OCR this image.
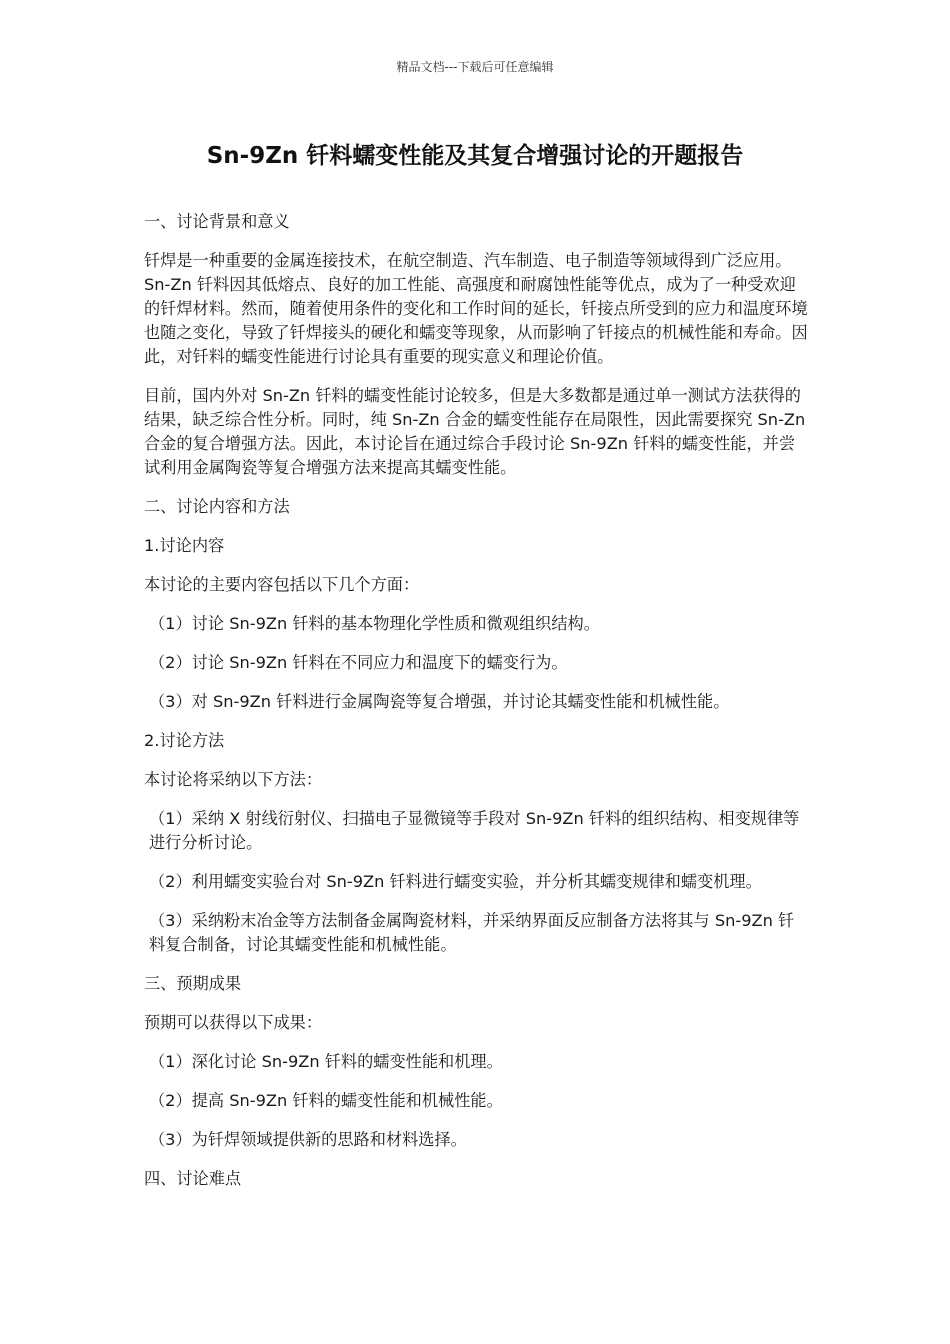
精品文档---下载后可任意编辑
Sn-9Zn 钎料蠕变性能及其复合增强讨论的开题报告

一、讨论背景和意义

钎焊是一种重要的金属连接技术，在航空制造、汽车制造、电子制造等领域得到广泛应用。Sn-Zn 钎料因其低熔点、良好的加工性能、高强度和耐腐蚀性能等优点，成为了一种受欢迎的钎焊材料。然而，随着使用条件的变化和工作时间的延长，钎接点所受到的应力和温度环境也随之变化，导致了钎焊接头的硬化和蠕变等现象，从而影响了钎接点的机械性能和寿命。因此，对钎料的蠕变性能进行讨论具有重要的现实意义和理论价值。

目前，国内外对 Sn-Zn 钎料的蠕变性能讨论较多，但是大多数都是通过单一测试方法获得的结果，缺乏综合性分析。同时，纯 Sn-Zn 合金的蠕变性能存在局限性，因此需要探究 Sn-Zn 合金的复合增强方法。因此，本讨论旨在通过综合手段讨论 Sn-9Zn 钎料的蠕变性能，并尝试利用金属陶瓷等复合增强方法来提高其蠕变性能。

二、讨论内容和方法

1.讨论内容

本讨论的主要内容包括以下几个方面：

（1）讨论 Sn-9Zn 钎料的基本物理化学性质和微观组织结构。

（2）讨论 Sn-9Zn 钎料在不同应力和温度下的蠕变行为。

（3）对 Sn-9Zn 钎料进行金属陶瓷等复合增强，并讨论其蠕变性能和机械性能。

2.讨论方法

本讨论将采纳以下方法：

（1）采纳 X 射线衍射仪、扫描电子显微镜等手段对 Sn-9Zn 钎料的组织结构、相变规律等进行分析讨论。

（2）利用蠕变实验台对 Sn-9Zn 钎料进行蠕变实验，并分析其蠕变规律和蠕变机理。

（3）采纳粉末冶金等方法制备金属陶瓷材料，并采纳界面反应制备方法将其与 Sn-9Zn 钎料复合制备，讨论其蠕变性能和机械性能。

三、预期成果

预期可以获得以下成果：

（1）深化讨论 Sn-9Zn 钎料的蠕变性能和机理。

（2）提高 Sn-9Zn 钎料的蠕变性能和机械性能。

（3）为钎焊领域提供新的思路和材料选择。

四、讨论难点
